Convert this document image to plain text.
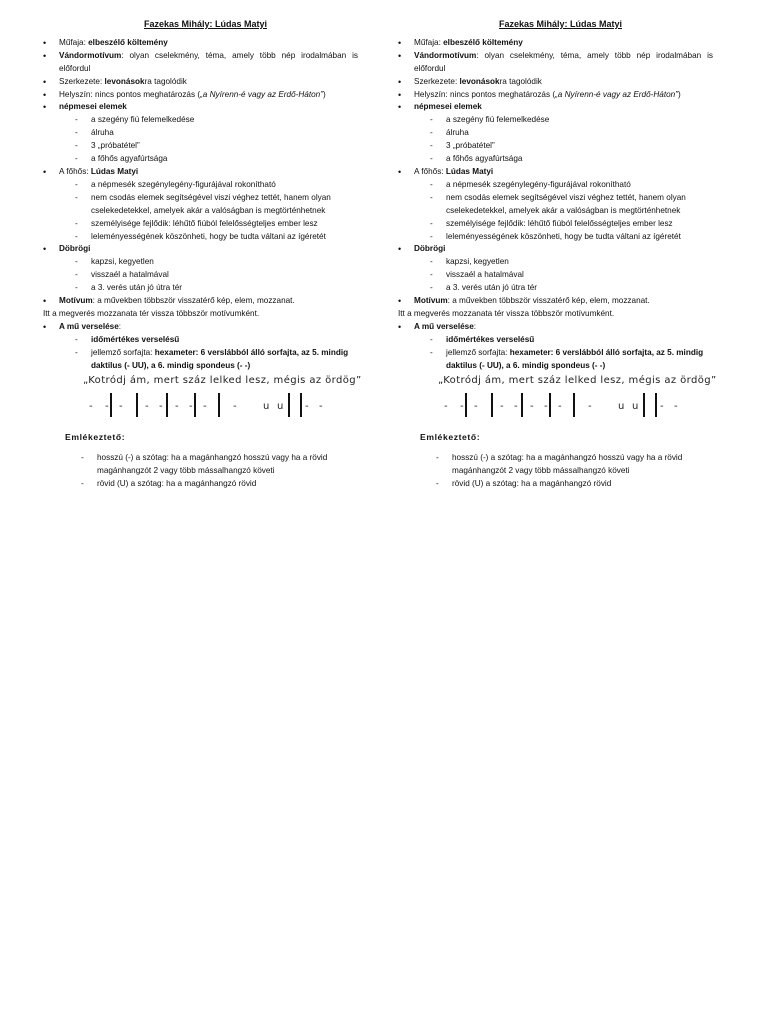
Fazekas Mihály: Lúdas Matyi
• Műfaja: elbeszélő költemény
• Vándormotívum: olyan cselekmény, téma, amely több nép irodalmában is előfordul
• Szerkezete: levonásokra tagolódik
• Helyszín: nincs pontos meghatározás („a Nyírenn-é vagy az Erdő-Háton”)
• népmesei elemek
- a szegény fiú felemelkedése
- álruha
- 3 „próbatétel”
- a főhős agyafúrtsága
• A főhős: Lúdas Matyi
- a népmesék szegénylegény-figurájával rokonítható
- nem csodás elemek segítségével viszi véghez tettét, hanem olyan cselekedetekkel, amelyek akár a valóságban is megtörténhetnek
- személyisége fejlődik: léhűtő fiúból felelősségteljes ember lesz
- leleményességének köszönheti, hogy be tudta váltani az ígéretét
• Döbrögi
- kapzsi, kegyetlen
- visszaél a hatalmával
- a 3. verés után jó útra tér
• Motívum: a művekben többször visszatérő kép, elem, mozzanat.
Itt a megverés mozzanata tér vissza többször motívumként.
• A mű verselése:
- időmértékes verselésű
- jellemző sorfajta: hexameter: 6 verslábból álló sorfajta, az 5. mindig daktilus (- UU), a 6. mindig spondeus (- -)
„Kotródj ám, mert száz lelked lesz, mégis az ördög”
- - - - - - - -	-	u u - -
Emlékeztető:
- hosszú (-) a szótag: ha a magánhangzó hosszú vagy ha a rövid magánhangzót 2 vagy több mássalhangzó követi
- rövid (U) a szótag: ha a magánhangzó rövid
Fazekas Mihály: Lúdas Matyi
• Műfaja: elbeszélő költemény
• Vándormotívum: olyan cselekmény, téma, amely több nép irodalmában is előfordul
• Szerkezete: levonásokra tagolódik
• Helyszín: nincs pontos meghatározás („a Nyírenn-é vagy az Erdő-Háton”)
• népmesei elemek
- a szegény fiú felemelkedése
- álruha
- 3 „próbatétel”
- a főhős agyafúrtsága
• A főhős: Lúdas Matyi
- a népmesék szegénylegény-figurájával rokonítható
- nem csodás elemek segítségével viszi véghez tettét, hanem olyan cselekedetekkel, amelyek akár a valóságban is megtörténhetnek
- személyisége fejlődik: léhűtő fiúból felelősségteljes ember lesz
- leleményességének köszönheti, hogy be tudta váltani az ígéretét
• Döbrögi
- kapzsi, kegyetlen
- visszaél a hatalmával
- a 3. verés után jó útra tér
• Motívum: a művekben többször visszatérő kép, elem, mozzanat.
Itt a megverés mozzanata tér vissza többször motívumként.
• A mű verselése:
- időmértékes verselésű
- jellemző sorfajta: hexameter: 6 verslábból álló sorfajta, az 5. mindig daktilus (- UU), a 6. mindig spondeus (- -)
„Kotródj ám, mert száz lelked lesz, mégis az ördög”
- - - - - - - -	-	u u - -
Emlékeztető:
- hosszú (-) a szótag: ha a magánhangzó hosszú vagy ha a rövid magánhangzót 2 vagy több mássalhangzó követi
- rövid (U) a szótag: ha a magánhangzó rövid
